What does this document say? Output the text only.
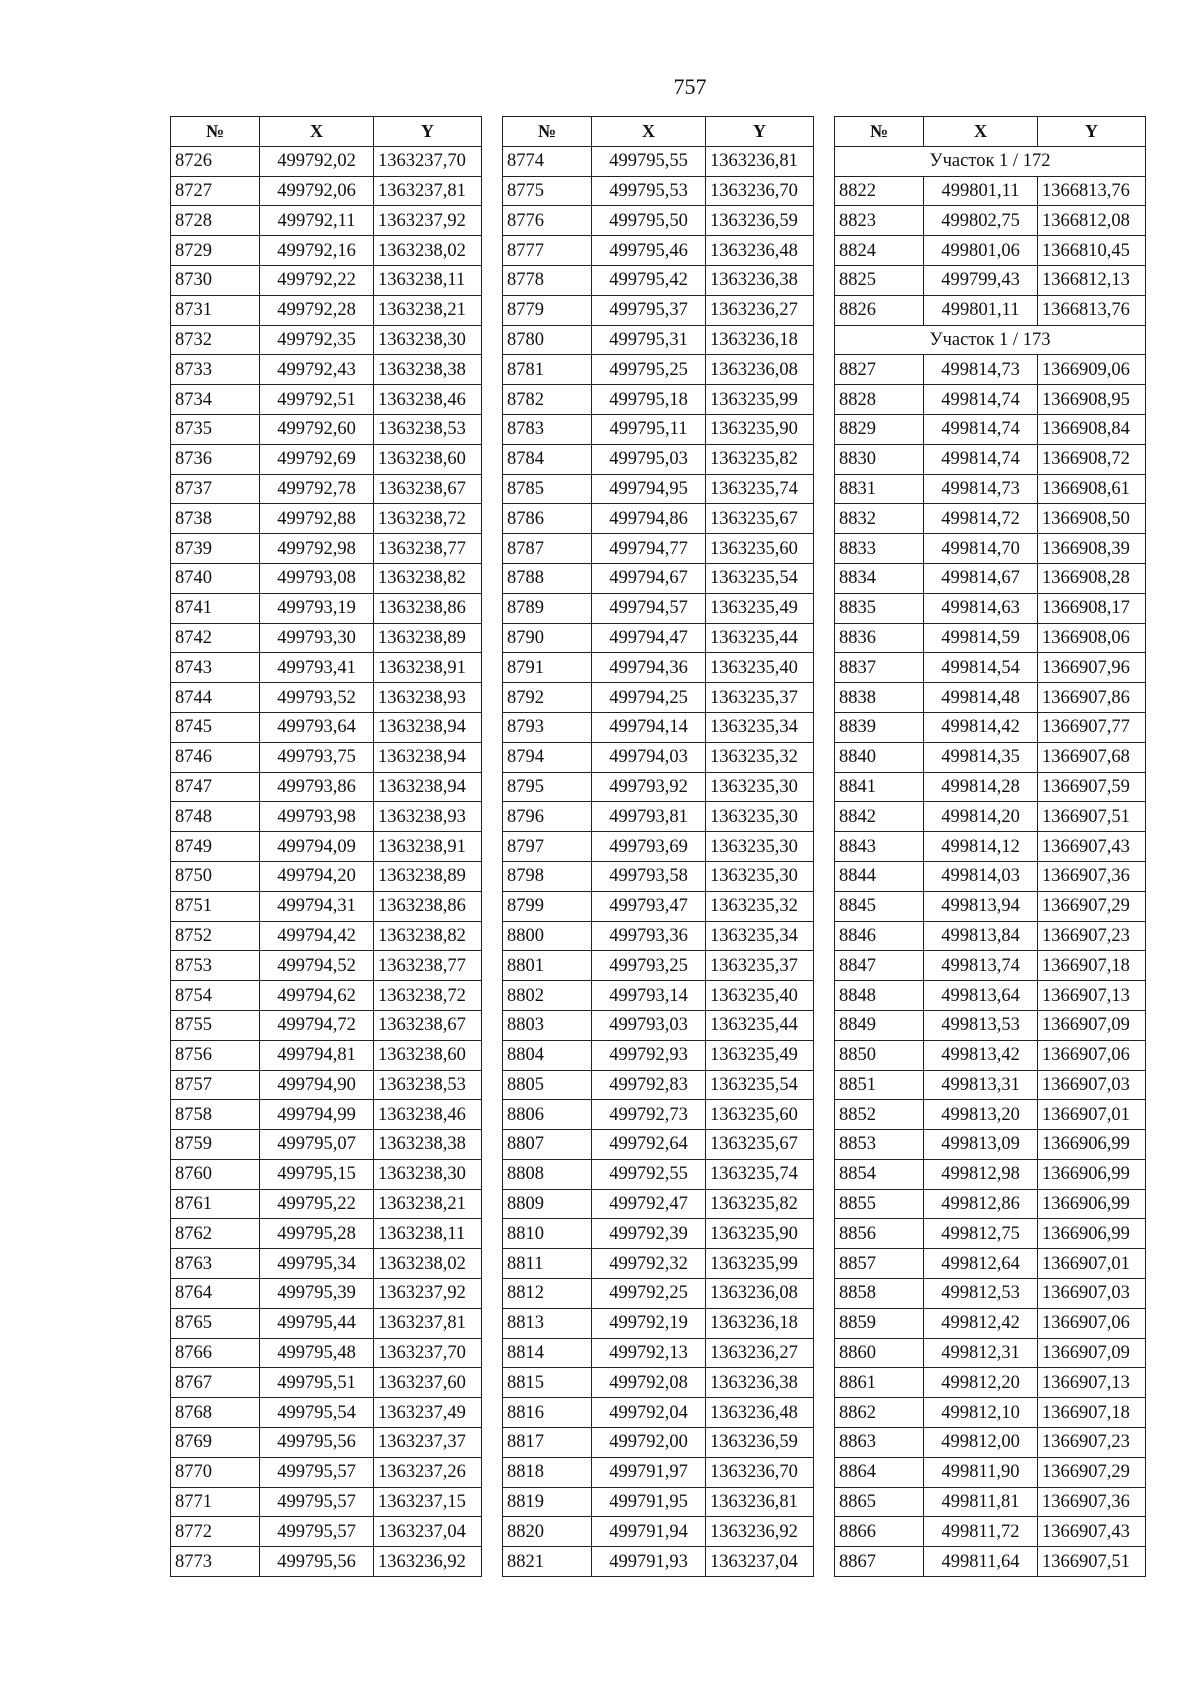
757
№	X	Y
8726	499792,02	1363237,70
8727	499792,06	1363237,81
8728	499792,11	1363237,92
8729	499792,16	1363238,02
8730	499792,22	1363238,11
8731	499792,28	1363238,21
8732	499792,35	1363238,30
8733	499792,43	1363238,38
8734	499792,51	1363238,46
8735	499792,60	1363238,53
8736	499792,69	1363238,60
8737	499792,78	1363238,67
8738	499792,88	1363238,72
8739	499792,98	1363238,77
8740	499793,08	1363238,82
8741	499793,19	1363238,86
8742	499793,30	1363238,89
8743	499793,41	1363238,91
8744	499793,52	1363238,93
8745	499793,64	1363238,94
8746	499793,75	1363238,94
8747	499793,86	1363238,94
8748	499793,98	1363238,93
8749	499794,09	1363238,91
8750	499794,20	1363238,89
8751	499794,31	1363238,86
8752	499794,42	1363238,82
8753	499794,52	1363238,77
8754	499794,62	1363238,72
8755	499794,72	1363238,67
8756	499794,81	1363238,60
8757	499794,90	1363238,53
8758	499794,99	1363238,46
8759	499795,07	1363238,38
8760	499795,15	1363238,30
8761	499795,22	1363238,21
8762	499795,28	1363238,11
8763	499795,34	1363238,02
8764	499795,39	1363237,92
8765	499795,44	1363237,81
8766	499795,48	1363237,70
8767	499795,51	1363237,60
8768	499795,54	1363237,49
8769	499795,56	1363237,37
8770	499795,57	1363237,26
8771	499795,57	1363237,15
8772	499795,57	1363237,04
8773	499795,56	1363236,92
№	X	Y
8774	499795,55	1363236,81
8775	499795,53	1363236,70
8776	499795,50	1363236,59
8777	499795,46	1363236,48
8778	499795,42	1363236,38
8779	499795,37	1363236,27
8780	499795,31	1363236,18
8781	499795,25	1363236,08
8782	499795,18	1363235,99
8783	499795,11	1363235,90
8784	499795,03	1363235,82
8785	499794,95	1363235,74
8786	499794,86	1363235,67
8787	499794,77	1363235,60
8788	499794,67	1363235,54
8789	499794,57	1363235,49
8790	499794,47	1363235,44
8791	499794,36	1363235,40
8792	499794,25	1363235,37
8793	499794,14	1363235,34
8794	499794,03	1363235,32
8795	499793,92	1363235,30
8796	499793,81	1363235,30
8797	499793,69	1363235,30
8798	499793,58	1363235,30
8799	499793,47	1363235,32
8800	499793,36	1363235,34
8801	499793,25	1363235,37
8802	499793,14	1363235,40
8803	499793,03	1363235,44
8804	499792,93	1363235,49
8805	499792,83	1363235,54
8806	499792,73	1363235,60
8807	499792,64	1363235,67
8808	499792,55	1363235,74
8809	499792,47	1363235,82
8810	499792,39	1363235,90
8811	499792,32	1363235,99
8812	499792,25	1363236,08
8813	499792,19	1363236,18
8814	499792,13	1363236,27
8815	499792,08	1363236,38
8816	499792,04	1363236,48
8817	499792,00	1363236,59
8818	499791,97	1363236,70
8819	499791,95	1363236,81
8820	499791,94	1363236,92
8821	499791,93	1363237,04
№	X	Y
Участок 1 / 172		
8822	499801,11	1366813,76
8823	499802,75	1366812,08
8824	499801,06	1366810,45
8825	499799,43	1366812,13
8826	499801,11	1366813,76
Участок 1 / 173		
8827	499814,73	1366909,06
8828	499814,74	1366908,95
8829	499814,74	1366908,84
8830	499814,74	1366908,72
8831	499814,73	1366908,61
8832	499814,72	1366908,50
8833	499814,70	1366908,39
8834	499814,67	1366908,28
8835	499814,63	1366908,17
8836	499814,59	1366908,06
8837	499814,54	1366907,96
8838	499814,48	1366907,86
8839	499814,42	1366907,77
8840	499814,35	1366907,68
8841	499814,28	1366907,59
8842	499814,20	1366907,51
8843	499814,12	1366907,43
8844	499814,03	1366907,36
8845	499813,94	1366907,29
8846	499813,84	1366907,23
8847	499813,74	1366907,18
8848	499813,64	1366907,13
8849	499813,53	1366907,09
8850	499813,42	1366907,06
8851	499813,31	1366907,03
8852	499813,20	1366907,01
8853	499813,09	1366906,99
8854	499812,98	1366906,99
8855	499812,86	1366906,99
8856	499812,75	1366906,99
8857	499812,64	1366907,01
8858	499812,53	1366907,03
8859	499812,42	1366907,06
8860	499812,31	1366907,09
8861	499812,20	1366907,13
8862	499812,10	1366907,18
8863	499812,00	1366907,23
8864	499811,90	1366907,29
8865	499811,81	1366907,36
8866	499811,72	1366907,43
8867	499811,64	1366907,51
